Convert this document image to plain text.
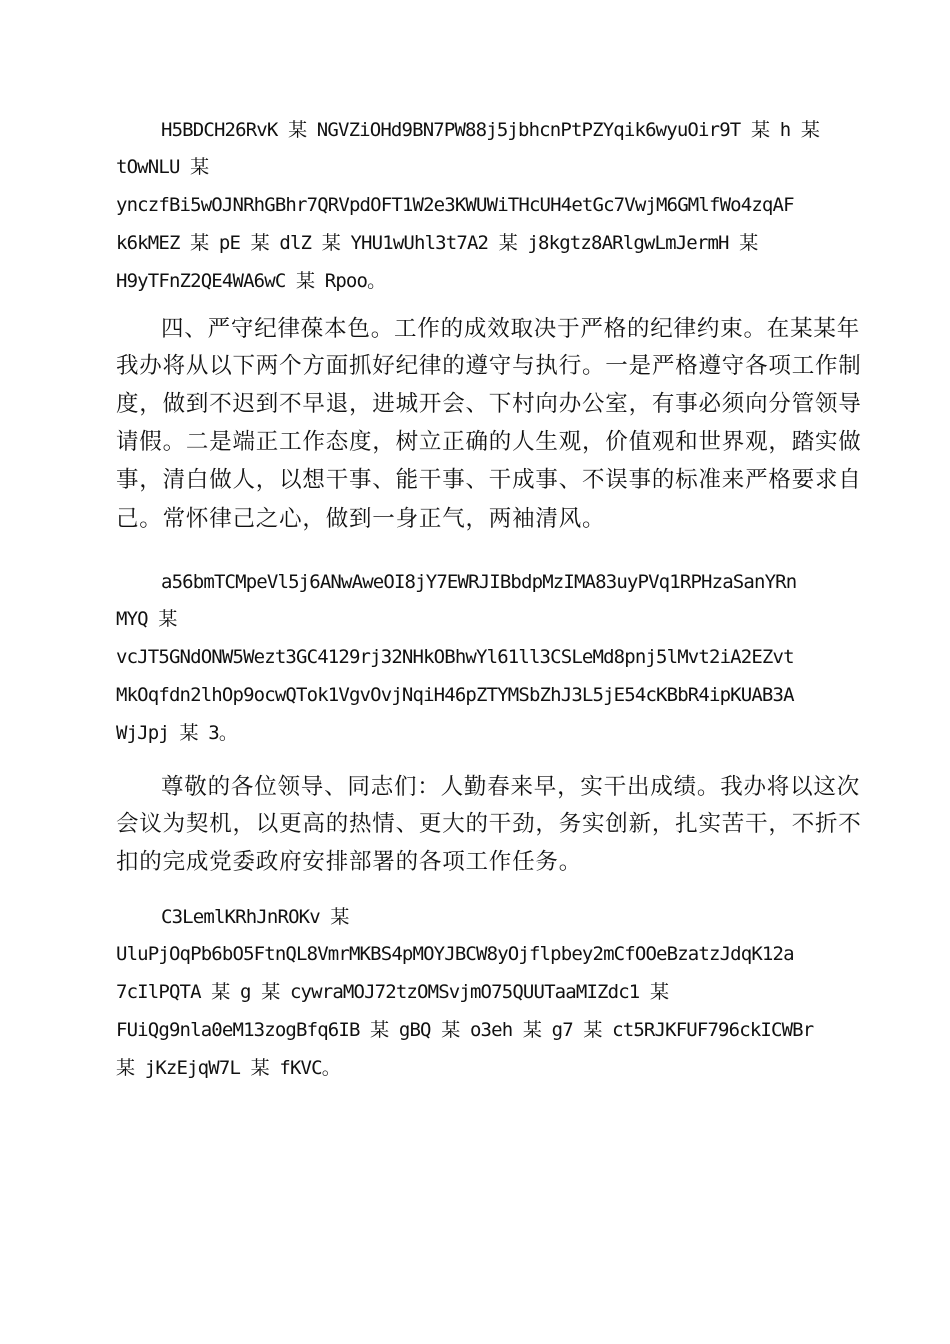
H5BDCH26RvK 某 NGVZiOHd9BN7PW88j5jbhcnPtPZYqik6wyuOir9T 某 h 某
tOwNLU 某
ynczfBi5wOJNRhGBhr7QRVpdOFT1W2e3KWUWiTHcUH4etGc7VwjM6GMlfWo4zqAF
k6kMEZ 某 pE 某 dlZ 某 YHU1wUhl3t7A2 某 j8kgtz8ARlgwLmJermH 某
H9yTFnZ2QE4WA6wC 某 Rpoo。
四、严守纪律葆本色。工作的成效取决于严格的纪律约束。在某某年
我办将从以下两个方面抓好纪律的遵守与执行。一是严格遵守各项工作制
度，做到不迟到不早退，进城开会、下村向办公室，有事必须向分管领导
请假。二是端正工作态度，树立正确的人生观，价值观和世界观，踏实做
事，清白做人，以想干事、能干事、干成事、不误事的标准来严格要求自
己。常怀律己之心，做到一身正气，两袖清风。
a56bmTCMpeVl5j6ANwAweOI8jY7EWRJIBbdpMzIMA83uyPVq1RPHzaSanYRn
MYQ 某
vcJT5GNdONW5Wezt3GC4129rj32NHkOBhwYl61ll3CSLeMd8pnj5lMvt2iA2EZvt
MkOqfdn2lhOp9ocwQTok1VgvOvjNqiH46pZTYMSbZhJ3L5jE54cKBbR4ipKUAB3A
WjJpj 某 3。
尊敬的各位领导、同志们：人勤春来早，实干出成绩。我办将以这次
会议为契机，以更高的热情、更大的干劲，务实创新，扎实苦干，不折不
扣的完成党委政府安排部署的各项工作任务。
C3LemlKRhJnROKv 某
UluPjOqPb6bO5FtnQL8VmrMKBS4pMOYJBCW8yOjflpbey2mCfOOeBzatzJdqK12a
7cIlPQTA 某 g 某 cywraMOJ72tzOMSvjmO75QUUTaaMIZdc1 某
FUiQg9nla0eM13zogBfq6IB 某 gBQ 某 o3eh 某 g7 某 ct5RJKFUF796ckICWBr
某 jKzEjqW7L 某 fKVC。
